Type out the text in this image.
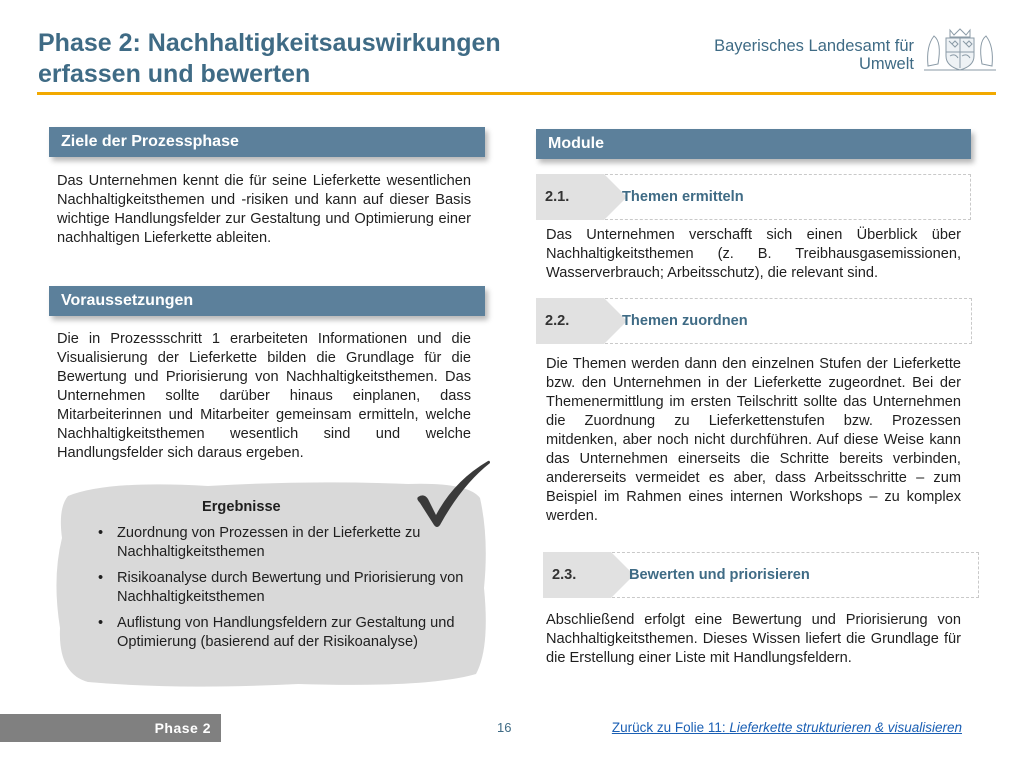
Phase 2: Nachhaltigkeitsauswirkungen
erfassen und bewerten
Bayerisches Landesamt für
Umwelt
Ziele der Prozessphase

Das Unternehmen kennt die für seine Lieferkette wesentlichen Nachhaltigkeitsthemen und -risiken und kann auf dieser Basis wichtige Handlungsfelder zur Gestaltung und Optimierung einer nachhaltigen Lieferkette ableiten.

Voraussetzungen

Die in Prozessschritt 1 erarbeiteten Informationen und die Visualisierung der Lieferkette bilden die Grundlage für die Bewertung und Priorisierung von Nachhaltigkeitsthemen. Das Unternehmen sollte darüber hinaus einplanen, dass Mitarbeiterinnen und Mitarbeiter gemeinsam ermitteln, welche Nachhaltigkeitsthemen wesentlich sind und welche Handlungsfelder sich daraus ergeben.

Ergebnisse
• Zuordnung von Prozessen in der Lieferkette zu Nachhaltigkeitsthemen
• Risikoanalyse durch Bewertung und Priorisierung von Nachhaltigkeitsthemen
• Auflistung von Handlungsfeldern zur Gestaltung und Optimierung (basierend auf der Risikoanalyse)
Module
2.1.	Themen ermitteln

Das Unternehmen verschafft sich einen Überblick über Nachhaltigkeitsthemen (z. B. Treibhausgasemissionen, Wasserverbrauch; Arbeitsschutz), die relevant sind.

2.2.	Themen zuordnen

Die Themen werden dann den einzelnen Stufen der Lieferkette bzw. den Unternehmen in der Lieferkette zugeordnet. Bei der Themenermittlung im ersten Teilschritt sollte das Unternehmen die Zuordnung zu Lieferkettenstufen bzw. Prozessen mitdenken, aber noch nicht durchführen. Auf diese Weise kann das Unternehmen einerseits die Schritte bereits verbinden, andererseits vermeidet es aber, dass Arbeitsschritte – zum Beispiel im Rahmen eines internen Workshops – zu komplex werden.

2.3.	Bewerten und priorisieren

Abschließend erfolgt eine Bewertung und Priorisierung von Nachhaltigkeitsthemen. Dieses Wissen liefert die Grundlage für die Erstellung einer Liste mit Handlungsfeldern.

Phase 2	16	Zurück zu Folie 11: Lieferkette strukturieren & visualisieren
